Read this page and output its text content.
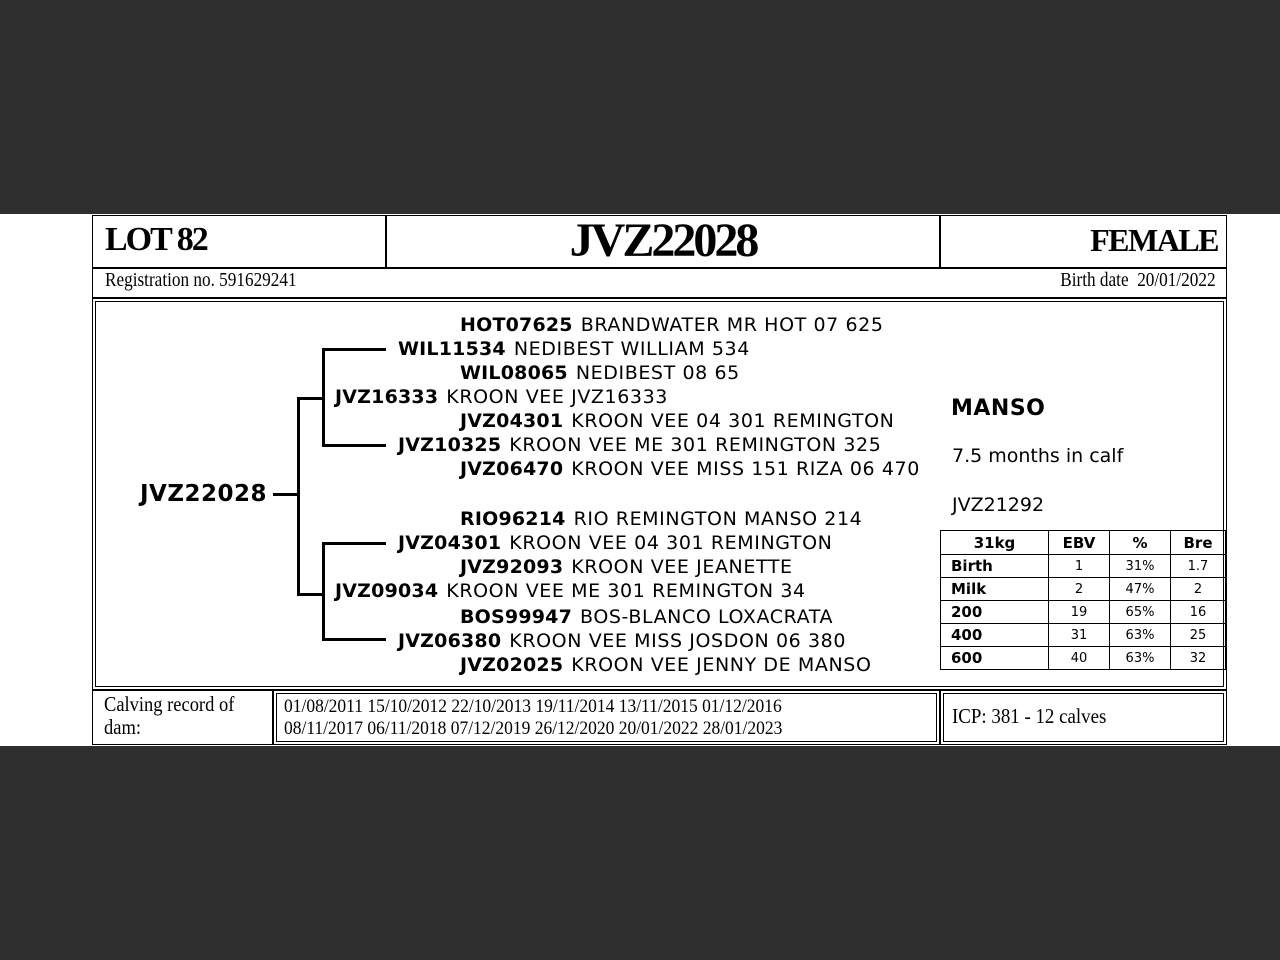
LOT 82	JVZ22028	FEMALE
Registration no. 591629241	Birth date 20/01/2022
JVZ22028
HOT07625 BRANDWATER MR HOT 07 625
WIL11534 NEDIBEST WILLIAM 534
WIL08065 NEDIBEST 08 65
JVZ16333 KROON VEE JVZ16333
JVZ04301 KROON VEE 04 301 REMINGTON
JVZ10325 KROON VEE ME 301 REMINGTON 325
JVZ06470 KROON VEE MISS 151 RIZA 06 470
RIO96214 RIO REMINGTON MANSO 214
JVZ04301 KROON VEE 04 301 REMINGTON
JVZ92093 KROON VEE JEANETTE
JVZ09034 KROON VEE ME 301 REMINGTON 34
BOS99947 BOS-BLANCO LOXACRATA
JVZ06380 KROON VEE MISS JOSDON 06 380
JVZ02025 KROON VEE JENNY DE MANSO
MANSO
7.5 months in calf
JVZ21292
31kg	EBV	%	Bre
Birth	1	31%	1.7
Milk	2	47%	2
200	19	65%	16
400	31	63%	25
600	40	63%	32
Calving record of dam:
01/08/2011 15/10/2012 22/10/2013 19/11/2014 13/11/2015 01/12/2016
08/11/2017 06/11/2018 07/12/2019 26/12/2020 20/01/2022 28/01/2023
ICP: 381 - 12 calves
